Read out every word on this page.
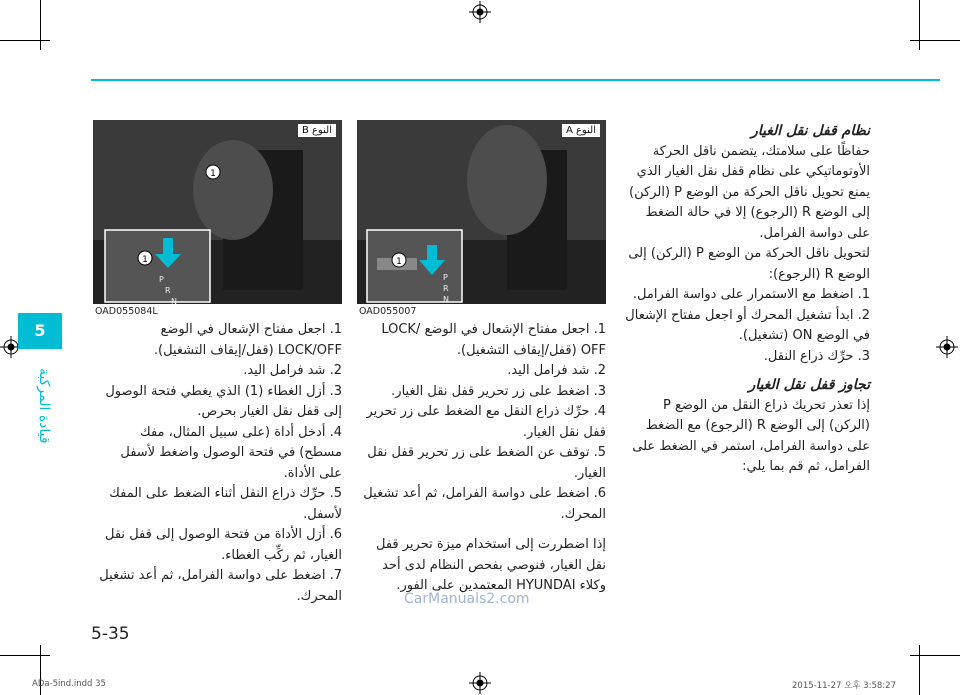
5
قيادة المركبة
P
R
N
1
النوع A
OAD055007
1
1
P
R
N
النوع B
OAD055084L

نظام قفل نقل الغيار

حفاظًا على سلامتك، يتضمن ناقل الحركة الأوتوماتيكي على نظام قفل نقل الغيار الذي يمنع تحويل ناقل الحركة من الوضع P (الركن) إلى الوضع R (الرجوع) إلا في حالة الضغط على دواسة الفرامل.

لتحويل ناقل الحركة من الوضع P (الركن) إلى الوضع R (الرجوع):

1. اضغط مع الاستمرار على دواسة الفرامل.

2. ابدأ تشغيل المحرك أو اجعل مفتاح الإشعال في الوضع ON (تشغيل).

3. حرِّك ذراع النقل.

تجاوز قفل نقل الغيار

إذا تعذر تحريك ذراع النقل من الوضع P (الركن) إلى الوضع R (الرجوع) مع الضغط على دواسة الفرامل، استمر في الضغط على الفرامل، ثم قم بما يلي:

1. اجعل مفتاح الإشعال في الوضع LOCK/ OFF (قفل/إيقاف التشغيل).

2. شد فرامل اليد.

3. اضغط على زر تحرير قفل نقل الغيار.

4. حرِّك ذراع النقل مع الضغط على زر تحرير قفل نقل الغيار.

5. توقف عن الضغط على زر تحرير قفل نقل الغيار.

6. اضغط على دواسة الفرامل، ثم أعد تشغيل المحرك.

إذا اضطررت إلى استخدام ميزة تحرير قفل نقل الغيار، فنوصي بفحص النظام لدى أحد وكلاء HYUNDAI المعتمدين على الفور.

1. اجعل مفتاح الإشعال في الوضع LOCK/OFF (قفل/إيقاف التشغيل).

2. شد فرامل اليد.

3. أزل الغطاء (1) الذي يغطي فتحة الوصول إلى قفل نقل الغيار بحرص.

4. أدخل أداة (على سبيل المثال، مفك مسطح) في فتحة الوصول واضغط لأسفل على الأداة.

5. حرِّك ذراع النقل أثناء الضغط على المفك لأسفل.

6. أزل الأداة من فتحة الوصول إلى قفل نقل الغيار، ثم ركِّب الغطاء.

7. اضغط على دواسة الفرامل، ثم أعد تشغيل المحرك.	CarManuals2.com
5-35
ADa-5ind.indd 35	2015-11-27 오후 3:58:27
